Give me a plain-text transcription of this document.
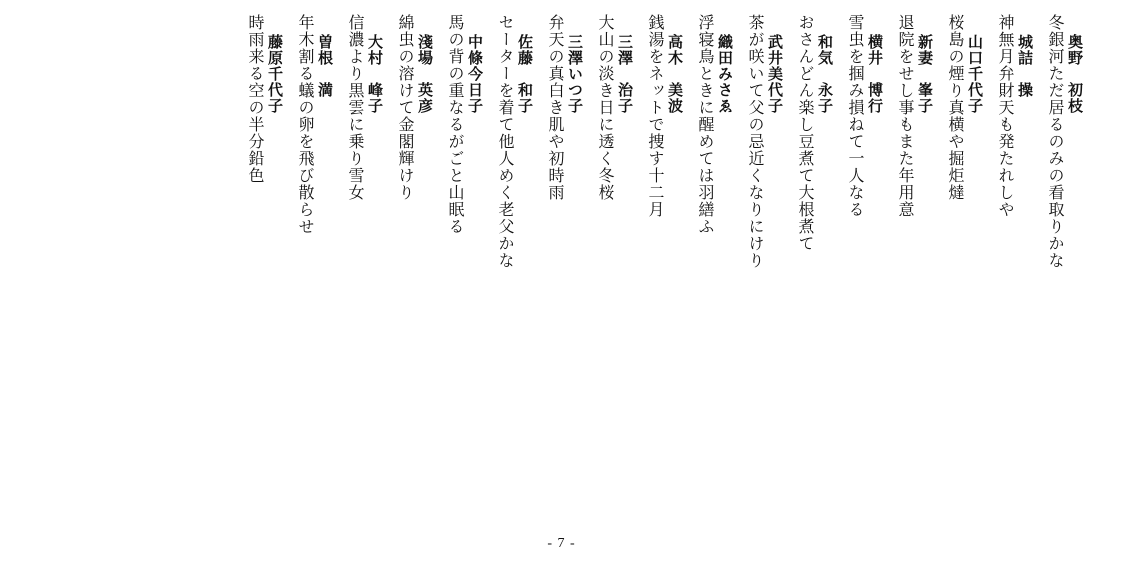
奥野　初枝
冬銀河ただ居るのみの看取りかな
城詰　操
神無月弁財天も発たれしや
山口千代子
桜島の煙り真横や掘炬燵
新妻　峯子
退院をせし事もまた年用意
横井　博行
雪虫を掴み損ねて一人なる
和気　永子
おさんどん楽し豆煮て大根煮て
武井美代子
茶が咲いて父の忌近くなりにけり
織田みさゑ
浮寝鳥ときに醒めては羽繕ふ
高木　美波
銭湯をネットで捜す十二月
三澤　治子
大山の淡き日に透く冬桜
三澤いつ子
弁天の真白き肌や初時雨
佐藤　和子
セーターを着て他人めく老父かな
中條今日子
馬の背の重なるがごと山眠る
淺場　英彦
綿虫の溶けて金閣輝けり
大村　峰子
信濃より黒雲に乗り雪女
曽根　満
年木割る蟻の卵を飛び散らせ
藤原千代子
時雨来る空の半分鉛色
- 7 -
